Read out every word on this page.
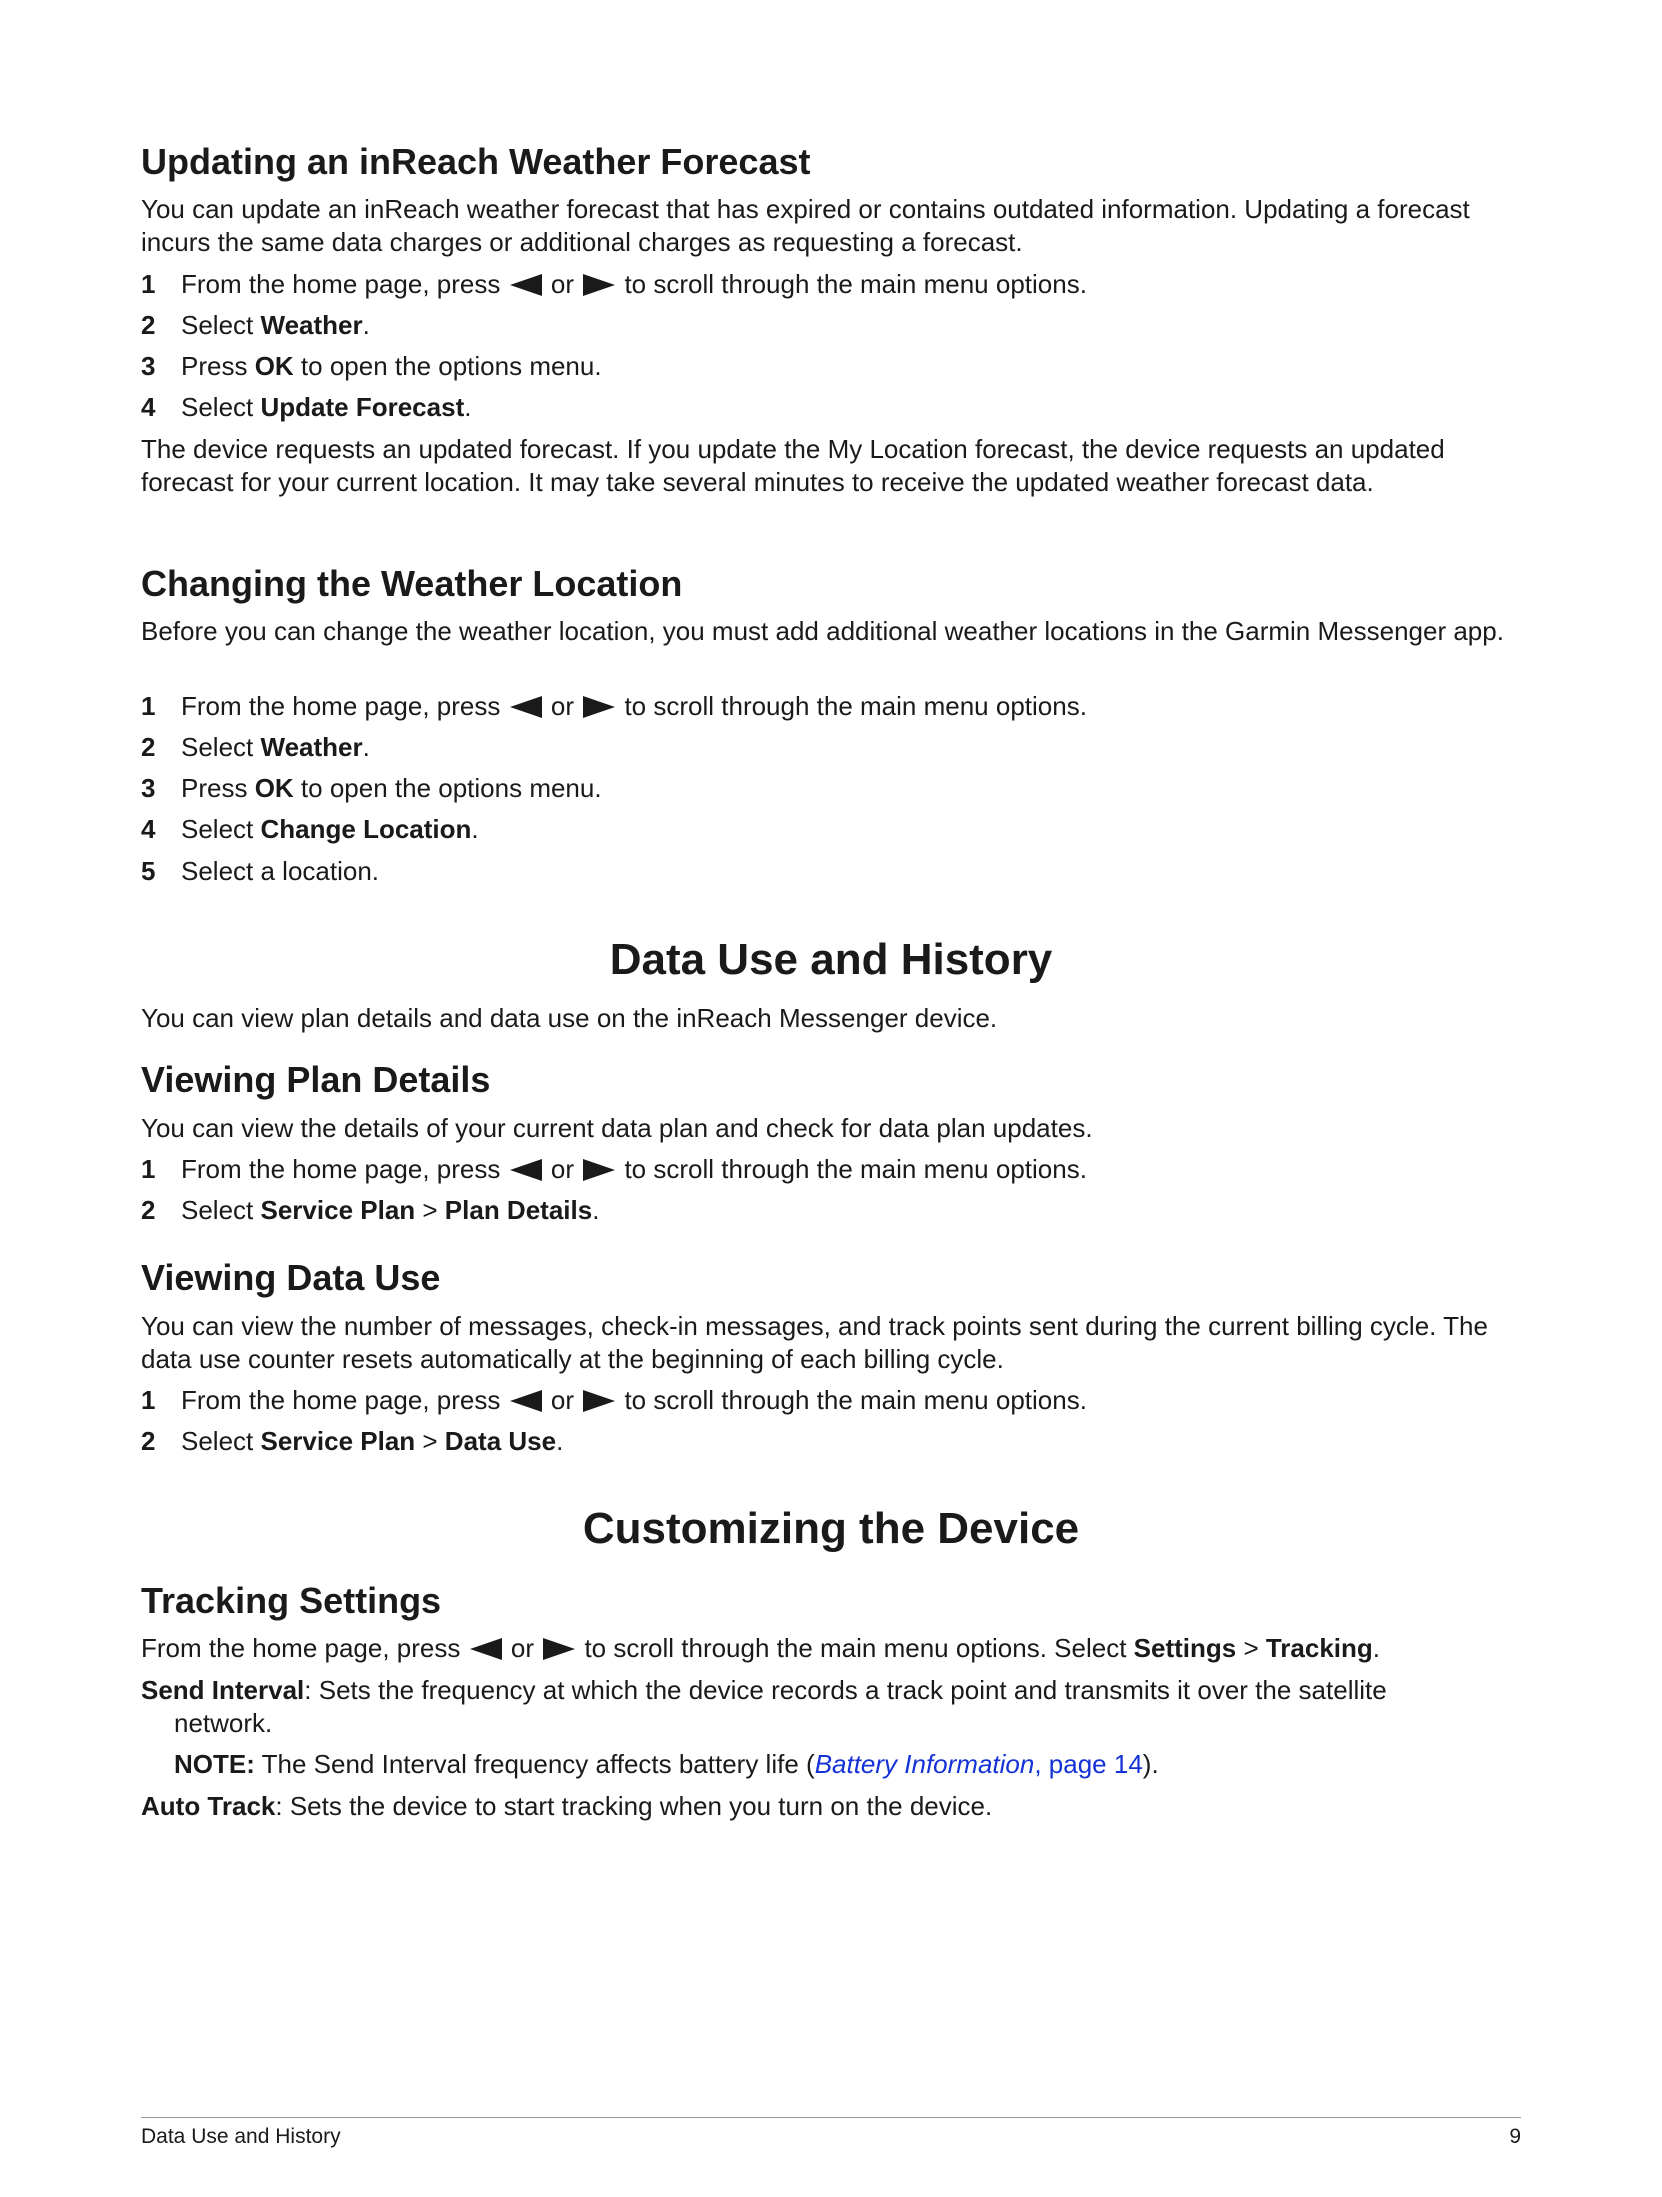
Updating an inReach Weather Forecast

You can update an inReach weather forecast that has expired or contains outdated information. Updating a forecast incurs the same data charges or additional charges as requesting a forecast.

1 From the home page, press or to scroll through the main menu options.
2 Select Weather.
3 Press OK to open the options menu.
4 Select Update Forecast.

The device requests an updated forecast. If you update the My Location forecast, the device requests an updated forecast for your current location. It may take several minutes to receive the updated weather forecast data.

Changing the Weather Location

Before you can change the weather location, you must add additional weather locations in the Garmin Messenger app.

1 From the home page, press or to scroll through the main menu options.
2 Select Weather.
3 Press OK to open the options menu.
4 Select Change Location.
5 Select a location.
Data Use and History

You can view plan details and data use on the inReach Messenger device.

Viewing Plan Details

You can view the details of your current data plan and check for data plan updates.

1 From the home page, press or to scroll through the main menu options.
2 Select Service Plan > Plan Details.
Viewing Data Use

You can view the number of messages, check-in messages, and track points sent during the current billing cycle. The data use counter resets automatically at the beginning of each billing cycle.

1 From the home page, press or to scroll through the main menu options.
2 Select Service Plan > Data Use.
Customizing the Device
Tracking Settings
From the home page, press or to scroll through the main menu options. Select Settings > Tracking.

Send Interval: Sets the frequency at which the device records a track point and transmits it over the satellite
network.

NOTE: The Send Interval frequency affects battery life (Battery Information, page 14).

Auto Track: Sets the device to start tracking when you turn on the device.

Data Use and History	9
